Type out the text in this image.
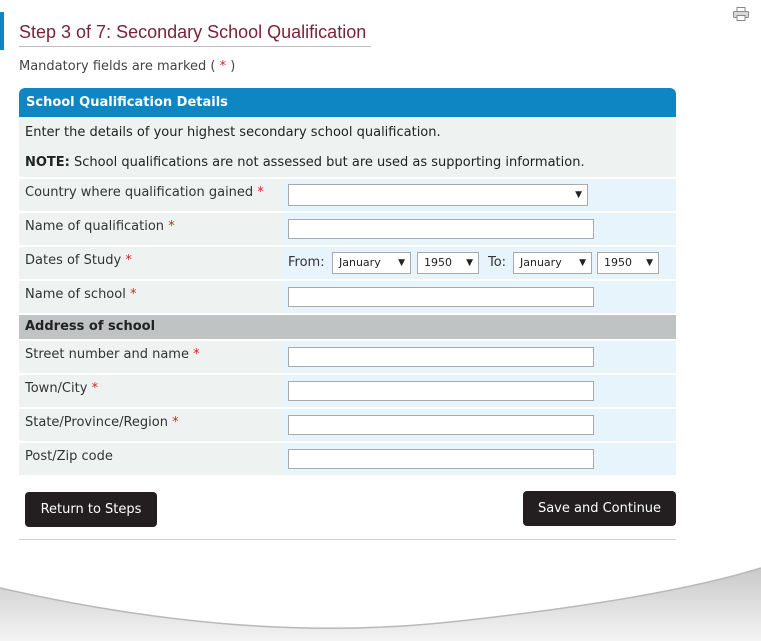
Step 3 of 7: Secondary School Qualification
Mandatory fields are marked ( * )
School Qualification Details
Enter the details of your highest secondary school qualification.
NOTE: School qualifications are not assessed but are used as supporting information.
Country where qualification gained *	▼
Name of qualification *
Dates of Study *	From:	January ▼	1950 ▼ To:	January ▼	1950 ▼
Name of school *
Address of school
Street number and name *
Town/City *
State/Province/Region *
Post/Zip code
Return to Steps	Save and Continue
